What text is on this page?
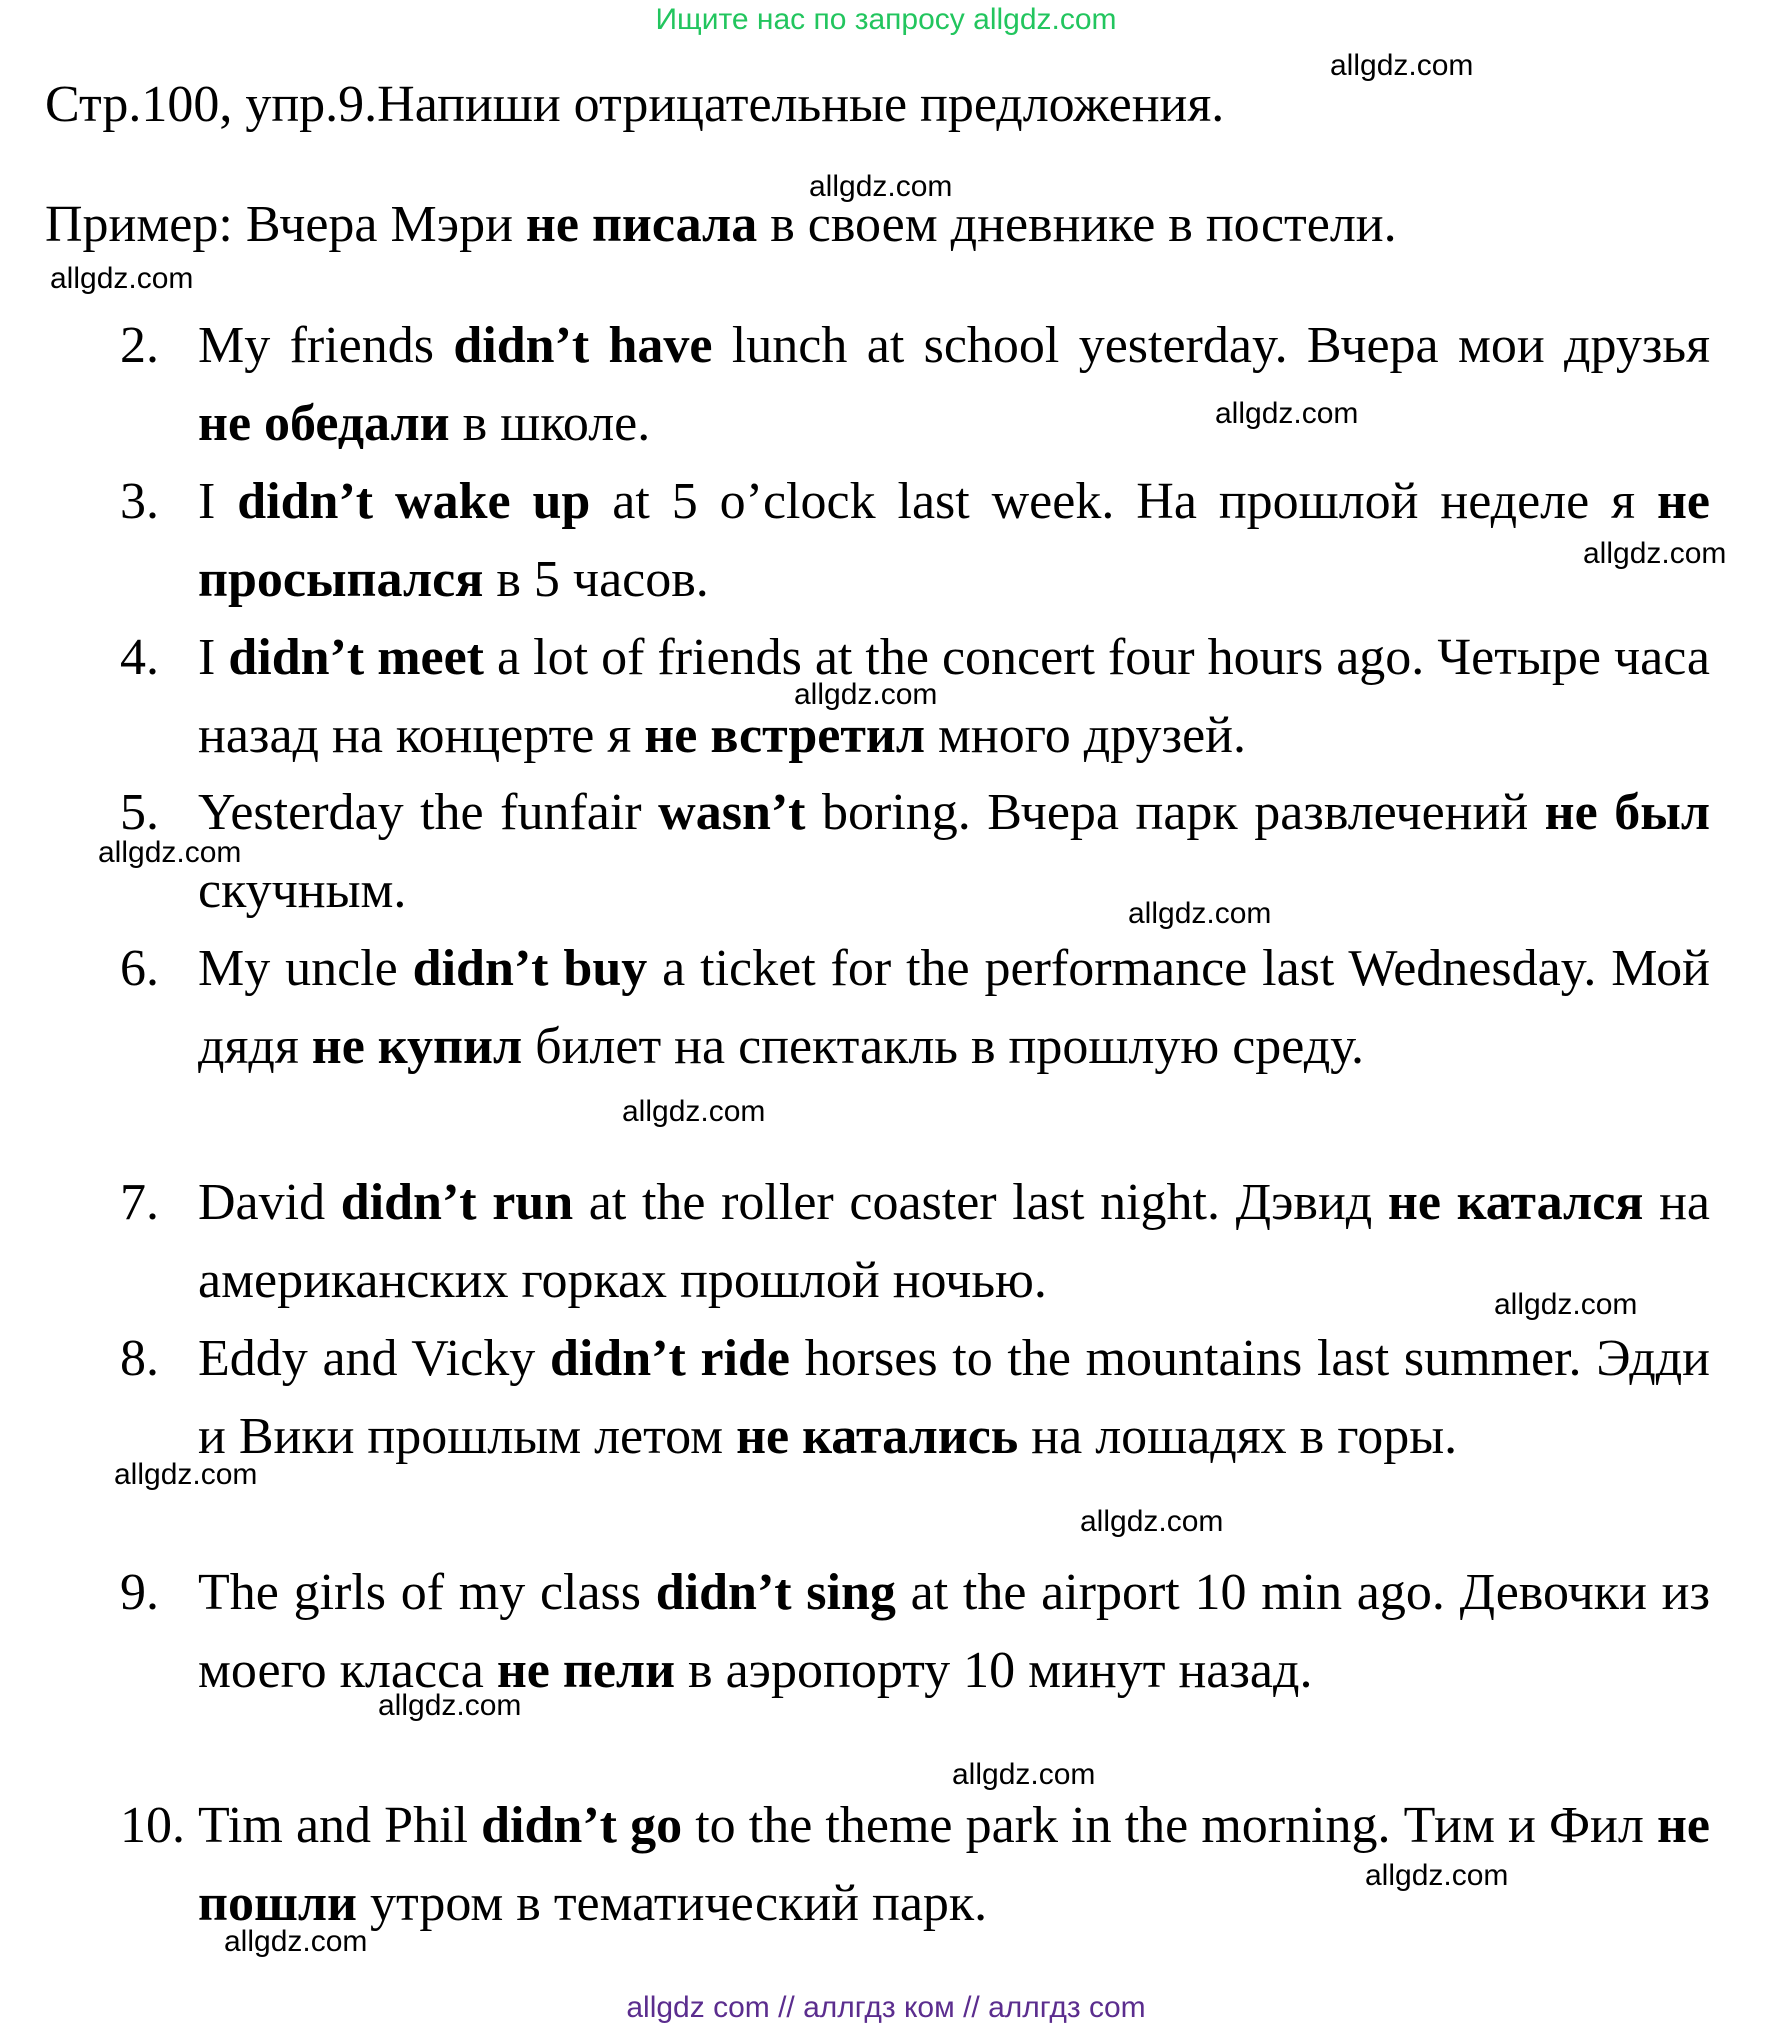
Ищите нас по запросу allgdz.com
Стр.100, упр.9.Напиши отрицательные предложения.
Пример: Вчера Мэри не писала в своем дневнике в постели.
2. My friends didn’t have lunch at school yesterday. Вчера мои друзья не обедали в школе.
3. I didn’t wake up at 5 o’clock last week. На прошлой неделе я не просыпался в 5 часов.
4. I didn’t meet a lot of friends at the concert four hours ago. Четыре часа назад на концерте я не встретил много друзей.
5. Yesterday the funfair wasn’t boring. Вчера парк развлечений не был скучным.
6. My uncle didn’t buy a ticket for the performance last Wednesday. Мой дядя не купил билет на спектакль в прошлую среду.
7. David didn’t run at the roller coaster last night. Дэвид не катался на американских горках прошлой ночью.
8. Eddy and Vicky didn’t ride horses to the mountains last summer. Эдди и Вики прошлым летом не катались на лошадях в горы.
9. The girls of my class didn’t sing at the airport 10 min ago. Девочки из моего класса не пели в аэропорту 10 минут назад.
10. Tim and Phil didn’t go to the theme park in the morning. Тим и Фил не пошли утром в тематический парк.
allgdz.com
allgdz.com
allgdz.com
allgdz.com
allgdz.com
allgdz.com
allgdz.com
allgdz.com
allgdz.com
allgdz.com
allgdz.com
allgdz.com
allgdz.com
allgdz.com
allgdz.com
allgdz.com
allgdz com // аллгдз ком // аллгдз com
